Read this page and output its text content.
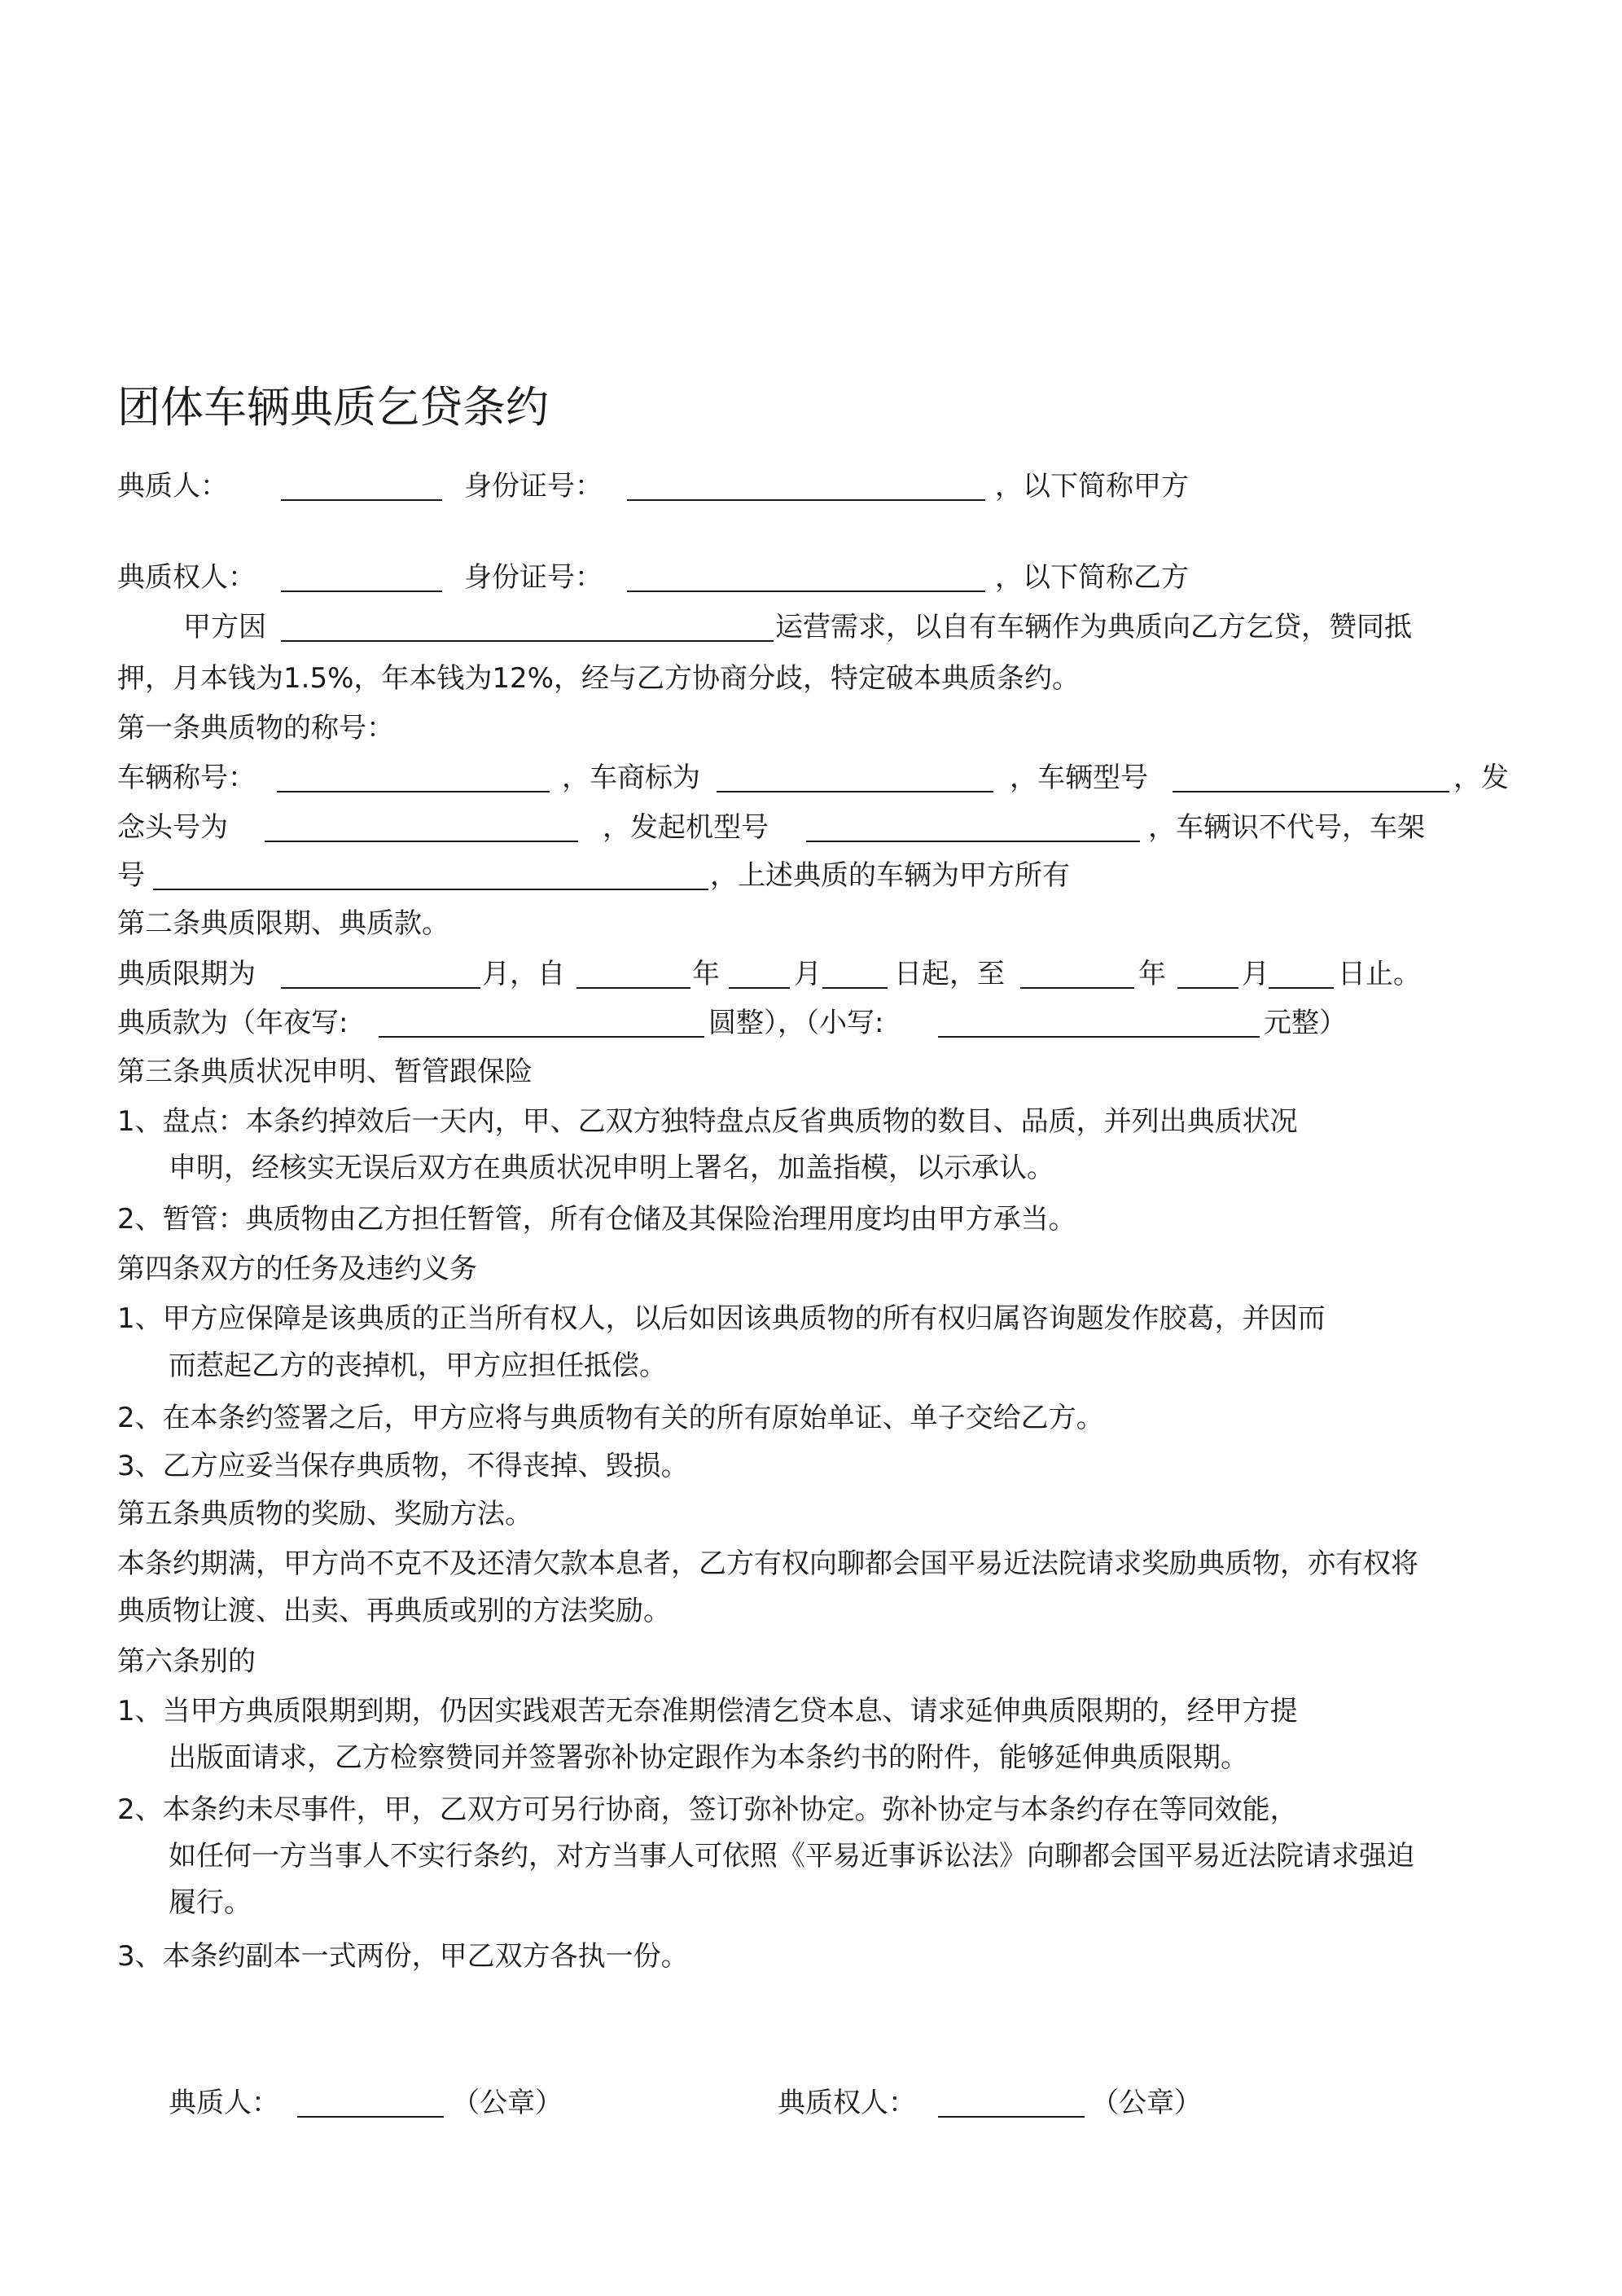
团体车辆典质乞贷条约
典质人：	身份证号：	，以下简称甲方
典质权人：	身份证号：	，以下简称乙方
甲方因	运营需求，以自有车辆作为典质向乙方乞贷，赞同抵
押，月本钱为1.5%，年本钱为12%，经与乙方协商分歧，特定破本典质条约。
第一条典质物的称号：
车辆称号：	，车商标为	，车辆型号	，发
念头号为	，发起机型号	，车辆识不代号，车架
号	，上述典质的车辆为甲方所有
第二条典质限期、典质款。
典质限期为	月，自	年	月	日起，至	年	月 日止。
典质款为（年夜写:	圆整），（小写:	元整）
第三条典质状况申明、暂管跟保险
1、盘点：本条约掉效后一天内，甲、乙双方独特盘点反省典质物的数目、品质，并列出典质状况
申明，经核实无误后双方在典质状况申明上署名，加盖指模，以示承认。
2、暂管：典质物由乙方担任暂管，所有仓储及其保险治理用度均由甲方承当。
第四条双方的任务及违约义务
1、甲方应保障是该典质的正当所有权人，以后如因该典质物的所有权归属咨询题发作胶葛，并因而
而惹起乙方的丧掉机，甲方应担任抵偿。
2、在本条约签署之后，甲方应将与典质物有关的所有原始单证、单子交给乙方。
3、乙方应妥当保存典质物，不得丧掉、毁损。
第五条典质物的奖励、奖励方法。
本条约期满，甲方尚不克不及还清欠款本息者，乙方有权向聊都会国平易近法院请求奖励典质物，亦有权将
典质物让渡、出卖、再典质或别的方法奖励。
第六条别的
1、当甲方典质限期到期，仍因实践艰苦无奈准期偿清乞贷本息、请求延伸典质限期的，经甲方提
出版面请求，乙方检察赞同并签署弥补协定跟作为本条约书的附件，能够延伸典质限期。
2、本条约未尽事件，甲，乙双方可另行协商，签订弥补协定。弥补协定与本条约存在等同效能，
如任何一方当事人不实行条约，对方当事人可依照《平易近事诉讼法》向聊都会国平易近法院请求强迫
履行。
3、本条约副本一式两份，甲乙双方各执一份。
典质人：	（公章）	典质权人：	（公章）
